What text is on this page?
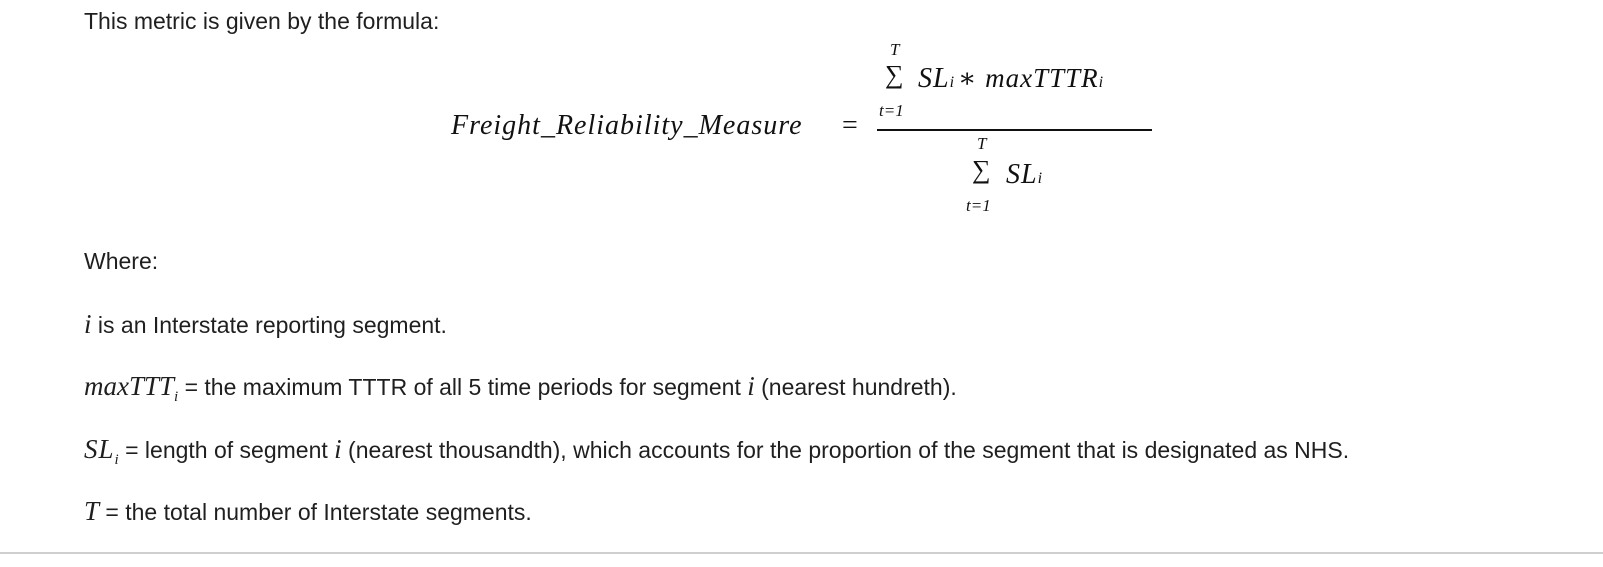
This metric is given by the formula:
Freight_Reliability_Measure =
T
∑
t=1
SLi ∗ maxTTTRi
T
∑
t=1
SLi
Where:
i is an Interstate reporting segment.
maxTTT$_i$ = the maximum TTTR of all 5 time periods for segment i (nearest hundreth).
$SL_i$ = length of segment i (nearest thousandth), which accounts for the proportion of the segment that is designated as NHS.
T = the total number of Interstate segments.
